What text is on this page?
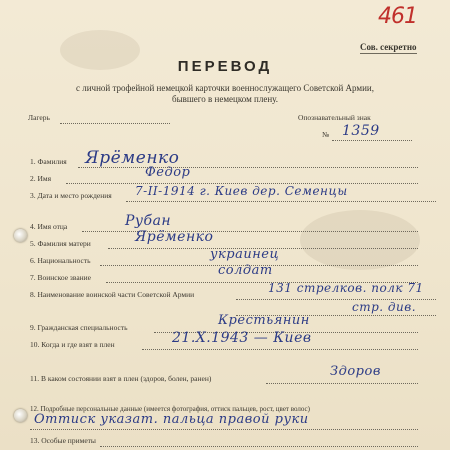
461
Сов. секретно
ПЕРЕВОД
с личной трофейной немецкой карточки военнослужащего Советской Армии,
бывшего в немецком плену.
Лагерь	Опознавательный знак
№ 1359
1. Фамилия Ярёменко
2. Имя	Федор
3. Дата и место рождения 7-II-1914 г. Киев дер. Семенцы
4. Имя отца	Рубан
5. Фамилия матери	Ярёменко
6. Национальность	украинец
7. Воинское звание	солдат
8. Наименование воинской части Советской Армии	131 стрелков. полк 71
стр. див.
9. Гражданская специальность	Крестьянин
10. Когда и где взят в плен	21.X.1943 — Киев
11. В каком состоянии взят в плен (здоров, болен, ранен)	Здоров
12. Подробные персональные данные (имеется фотография, оттиск пальцев, рост, цвет волос)
Оттиск указат. пальца правой руки
13. Особые приметы
